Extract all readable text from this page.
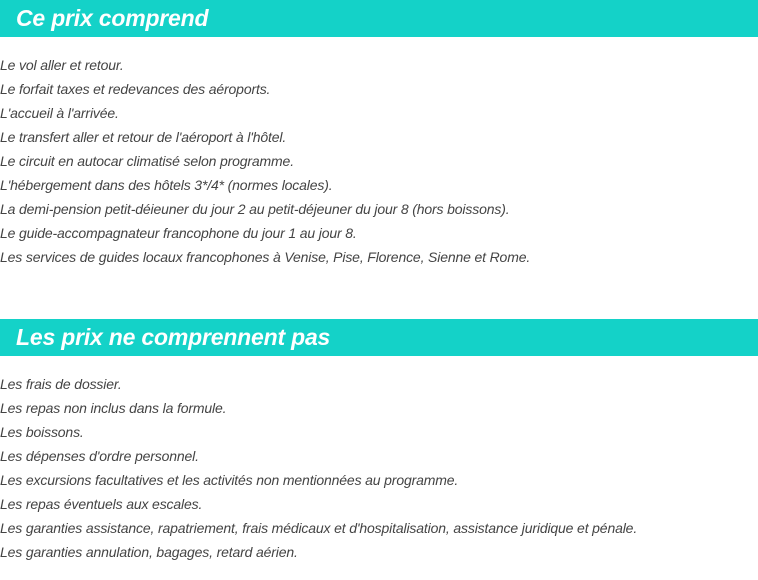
Ce prix comprend
Le vol aller et retour.
Le forfait taxes et redevances des aéroports.
L'accueil à l'arrivée.
Le transfert aller et retour de l'aéroport à l'hôtel.
Le circuit en autocar climatisé selon programme.
L'hébergement dans des hôtels 3*/4* (normes locales).
La demi-pension petit-déieuner du jour 2 au petit-déjeuner du jour 8 (hors boissons).
Le guide-accompagnateur francophone du jour 1 au jour 8.
Les services de guides locaux francophones à Venise, Pise, Florence, Sienne et Rome.
Les prix ne comprennent pas
Les frais de dossier.
Les repas non inclus dans la formule.
Les boissons.
Les dépenses d'ordre personnel.
Les excursions facultatives et les activités non mentionnées au programme.
Les repas éventuels aux escales.
Les garanties assistance, rapatriement, frais médicaux et d'hospitalisation, assistance juridique et pénale.
Les garanties annulation, bagages, retard aérien.
